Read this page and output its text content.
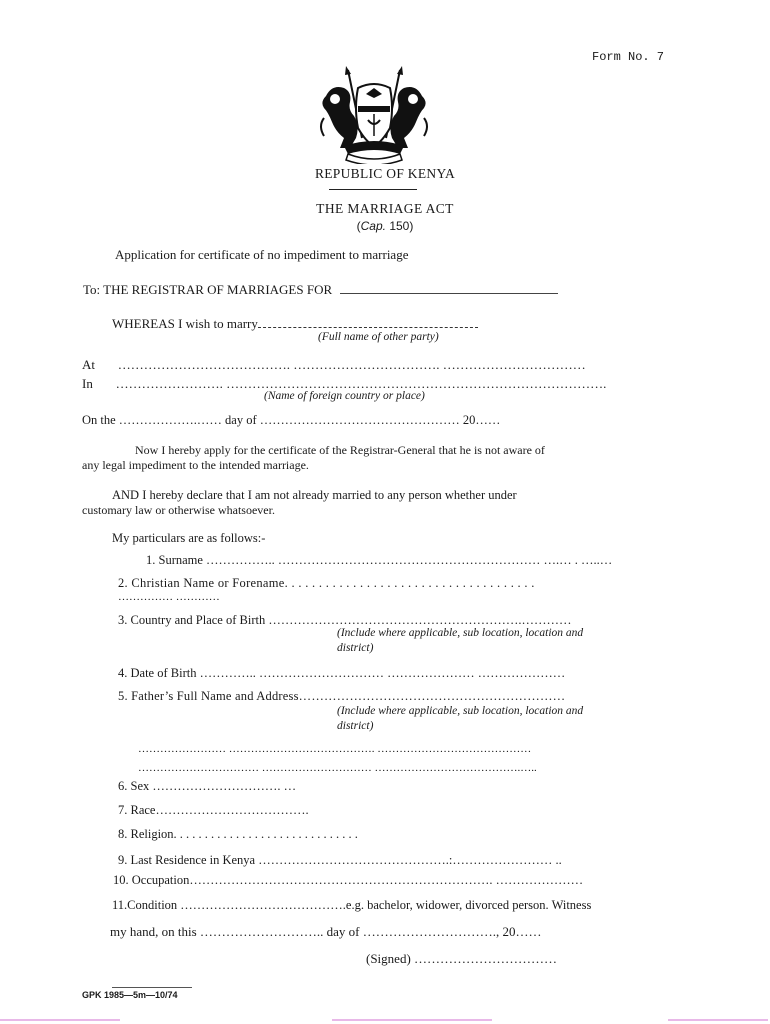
Form No. 7
REPUBLIC OF KENYA
THE MARRIAGE ACT
(Cap. 150)
Application for certificate of no impediment to marriage
To: THE REGISTRAR OF MARRIAGES FOR
WHEREAS I wish to marry
(Full name of other party)
At …………………………………. ……………………………. ……………………………
In ……………………. …………………………………………………………………………….
(Name of foreign country or place)
On the ……………….…… day of ………………………………………… 20……
Now I hereby apply for the certificate of the Registrar-General that he is not aware of
any legal impediment to the intended marriage.
AND I hereby declare that I am not already married to any person whether under
customary law or otherwise whatsoever.
My particulars are as follows:-
1. Surname …………….. ……………………………………………………… ….… . …..…
2. Christian Name or Forename. . . . . . . . . . . . . . . . . . . . . . . . . . . . . . . . . . . . .
…………… …………
3. Country and Place of Birth …………………………………………………….…………
(Include where applicable, sub location, location and
district)
4. Date of Birth ………….. ………………………… ………………… …………………
5. Father’s Full Name and Address………………………………………………………
(Include where applicable, sub location, location and
district)
…………………… …………………………………. ……………………………………
…………………………… ………………………… ………………………………….…..
6. Sex …………………………. …
7. Race……………………………….
8. Religion. . . . . . . . . . . . . . . . . . . . . . . . . . . . . .
9. Last Residence in Kenya ……………………………………….:…………………… ..
10. Occupation………………………………………………………………. …………………
11.Condition ………………………………….e.g. bachelor, widower, divorced person. Witness
my hand, on this ……………………….. day of …………………………., 20……
(Signed) ……………………………
GPK 1985—5m—10/74
